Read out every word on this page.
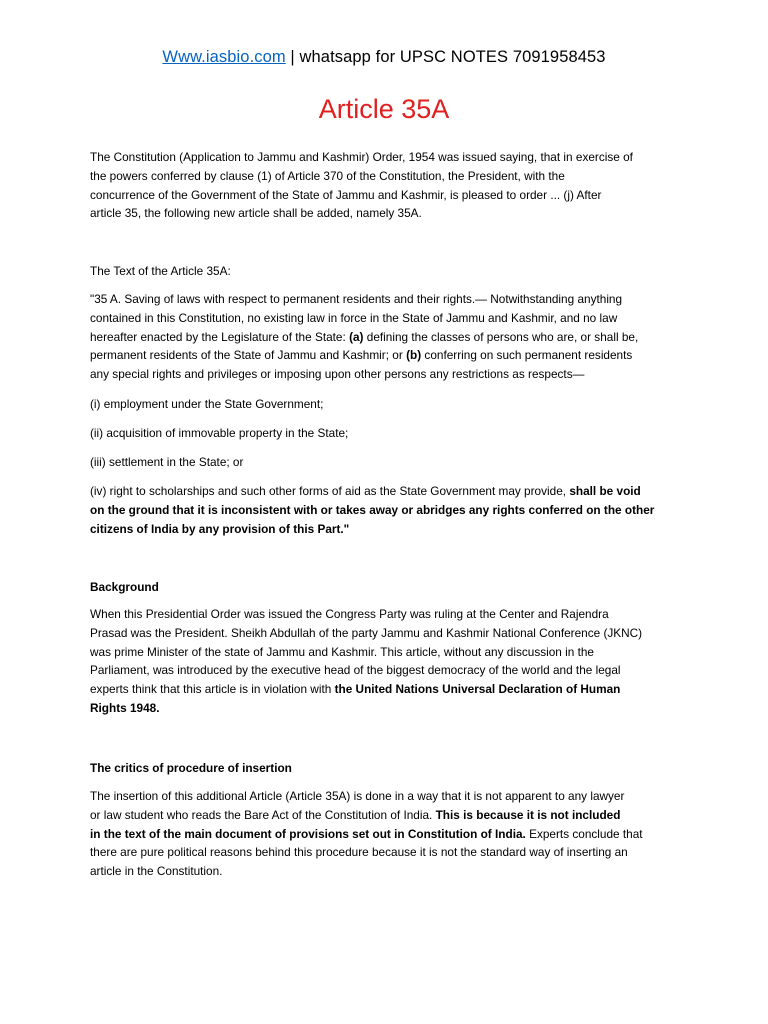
Www.iasbio.com | whatsapp for UPSC NOTES 7091958453
Article 35A
The Constitution (Application to Jammu and Kashmir) Order, 1954 was issued saying, that in exercise of
the powers conferred by clause (1) of Article 370 of the Constitution, the President, with the
concurrence of the Government of the State of Jammu and Kashmir, is pleased to order ... (j) After
article 35, the following new article shall be added, namely 35A.
The Text of the Article 35A:
"35 A. Saving of laws with respect to permanent residents and their rights.— Notwithstanding anything
contained in this Constitution, no existing law in force in the State of Jammu and Kashmir, and no law
hereafter enacted by the Legislature of the State: (a) defining the classes of persons who are, or shall be,
permanent residents of the State of Jammu and Kashmir; or (b) conferring on such permanent residents
any special rights and privileges or imposing upon other persons any restrictions as respects—
(i) employment under the State Government;
(ii) acquisition of immovable property in the State;
(iii) settlement in the State; or
(iv) right to scholarships and such other forms of aid as the State Government may provide, shall be void
on the ground that it is inconsistent with or takes away or abridges any rights conferred on the other
citizens of India by any provision of this Part."
Background
When this Presidential Order was issued the Congress Party was ruling at the Center and Rajendra
Prasad was the President. Sheikh Abdullah of the party Jammu and Kashmir National Conference (JKNC)
was prime Minister of the state of Jammu and Kashmir. This article, without any discussion in the
Parliament, was introduced by the executive head of the biggest democracy of the world and the legal
experts think that this article is in violation with the United Nations Universal Declaration of Human
Rights 1948.
The critics of procedure of insertion
The insertion of this additional Article (Article 35A) is done in a way that it is not apparent to any lawyer
or law student who reads the Bare Act of the Constitution of India. This is because it is not included
in the text of the main document of provisions set out in Constitution of India. Experts conclude that
there are pure political reasons behind this procedure because it is not the standard way of inserting an
article in the Constitution.
